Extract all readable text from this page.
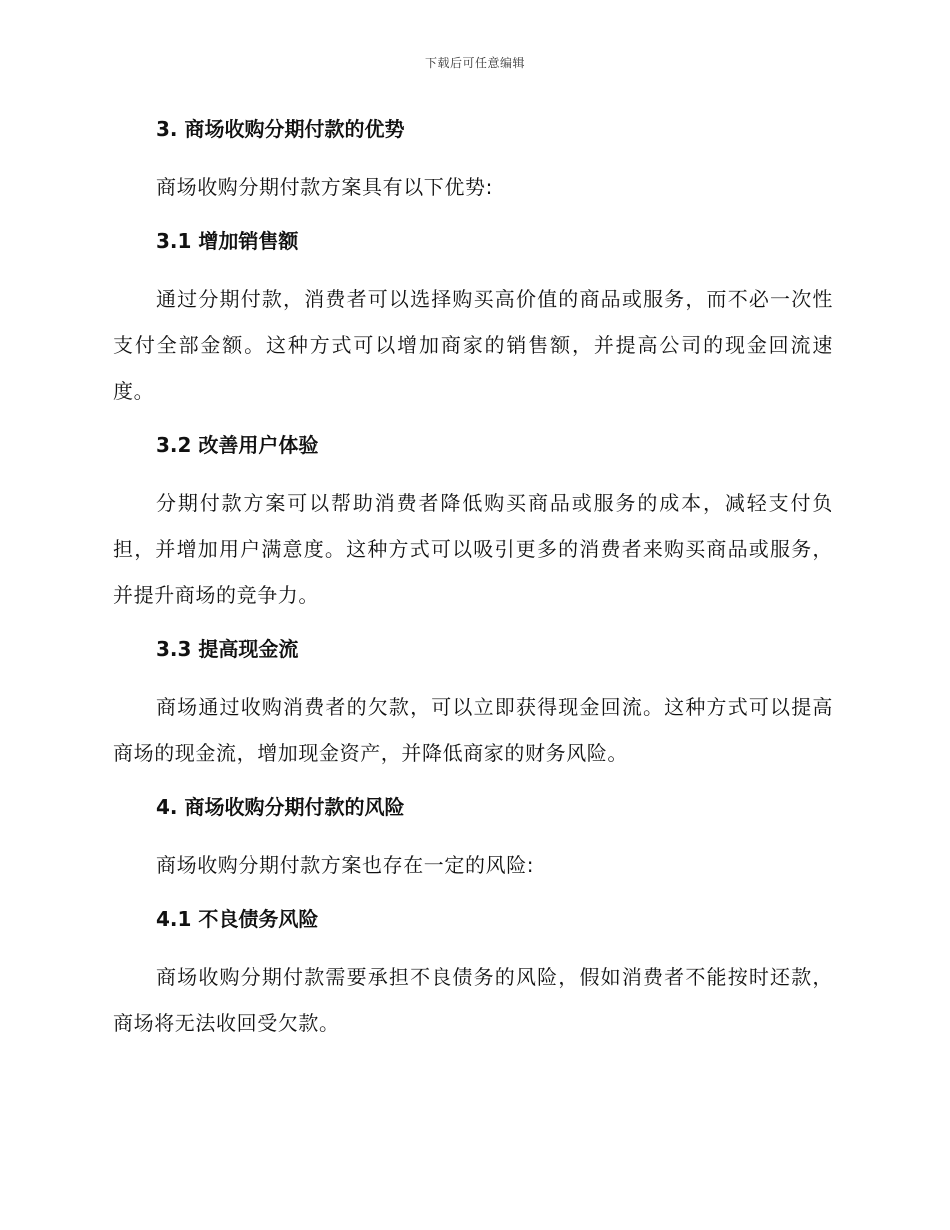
下载后可任意编辑
3. 商场收购分期付款的优势

商场收购分期付款方案具有以下优势:

3.1 增加销售额

通过分期付款，消费者可以选择购买高价值的商品或服务，而不必一次性支付全部金额。这种方式可以增加商家的销售额，并提高公司的现金回流速度。

3.2 改善用户体验

分期付款方案可以帮助消费者降低购买商品或服务的成本，减轻支付负担，并增加用户满意度。这种方式可以吸引更多的消费者来购买商品或服务，并提升商场的竞争力。

3.3 提高现金流

商场通过收购消费者的欠款，可以立即获得现金回流。这种方式可以提高商场的现金流，增加现金资产，并降低商家的财务风险。

4. 商场收购分期付款的风险

商场收购分期付款方案也存在一定的风险:

4.1 不良债务风险

商场收购分期付款需要承担不良债务的风险，假如消费者不能按时还款，商场将无法收回受欠款。
